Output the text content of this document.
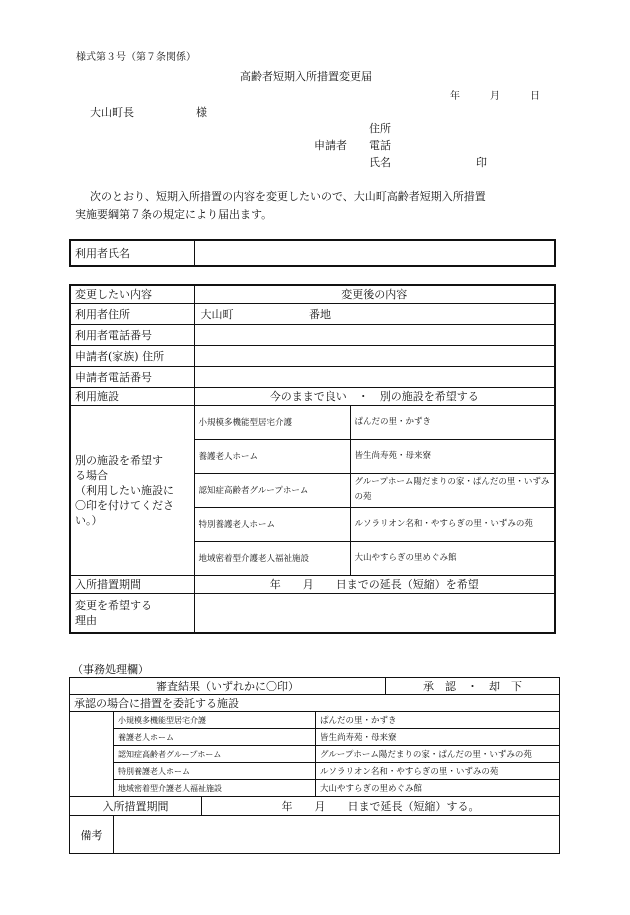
様式第３号（第７条関係）
高齢者短期入所措置変更届
年	月	日
大山町長	様
住所
申請者 電話
氏名	印
次のとおり、短期入所措置の内容を変更したいので、大山町高齢者短期入所措置
実施要綱第７条の規定により届出ます。
利用者氏名	
変更したい内容	変更後の内容	
利用者住所	大山町 番地	
利用者電話番号		
申請者(家族) 住所		
申請者電話番号		
利用施設	今のままで良い　・　別の施設を希望する	

別の施設を希望す
る場合
（利用したい施設に
〇印を付けてくださ
い。）	小規模多機能型居宅介護	ぱんだの里・かずき
	養護老人ホーム	皆生尚寿苑・母来寮
	認知症高齢者グループホーム	グループホーム陽だまりの家・ぱんだの里・いずみの苑
	特別養護老人ホーム	ルソラリオン名和・やすらぎの里・いずみの苑
	地域密着型介護老人福祉施設	大山やすらぎの里めぐみ館
入所措置期間	年　　月　　日までの延長（短縮）を希望	

変更を希望する
理由		

（事務処理欄）
審査結果（いずれかに〇印）				承　認　・　却　下
承認の場合に措置を委託する施設				
	小規模多機能型居宅介護		ぱんだの里・かずき	
	養護老人ホーム		皆生尚寿苑・母来寮	
	認知症高齢者グループホーム		グループホーム陽だまりの家・ぱんだの里・いずみの苑	
	特別養護老人ホーム		ルソラリオン名和・やすらぎの里・いずみの苑	
	地域密着型介護老人福祉施設		大山やすらぎの里めぐみ館	
入所措置期間		年　　月　　日まで延長（短縮）する。		
備考				
